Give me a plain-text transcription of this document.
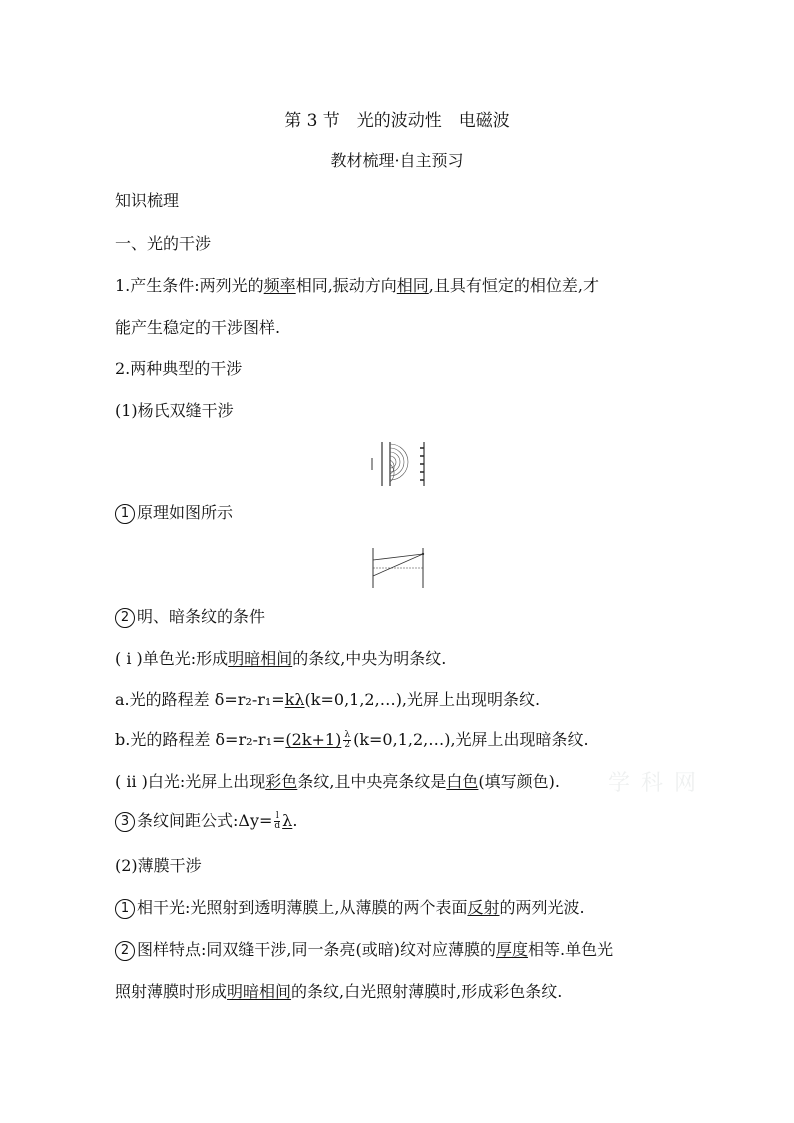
第 3 节　光的波动性　电磁波
教材梳理·自主预习
知识梳理
一、光的干涉
1.产生条件:两列光的频率相同,振动方向相同,且具有恒定的相位差,才
能产生稳定的干涉图样.
2.两种典型的干涉
(1)杨氏双缝干涉
1 原理如图所示
2 明、暗条纹的条件
( ⅰ )单色光:形成明暗相间的条纹,中央为明条纹.
a.光的路程差 δ=r₂-r₁=kλ(k=0,1,2,…),光屏上出现明条纹.
b.光的路程差 $\delta=r_2-r_1=(2k+1) \frac{\lambda}{2}$ (k=0,1,2,…),光屏上出现暗条纹.
( ⅱ )白光:光屏上出现彩色条纹,且中央亮条纹是白色(填写颜色).
3 条纹间距公式:Δy= $\frac{l}{d} \lambda$.
(2)薄膜干涉
1 相干光:光照射到透明薄膜上,从薄膜的两个表面反射的两列光波.
2 图样特点:同双缝干涉,同一条亮(或暗)纹对应薄膜的厚度相等.单色光
照射薄膜时形成明暗相间的条纹,白光照射薄膜时,形成彩色条纹.
学 科 网
